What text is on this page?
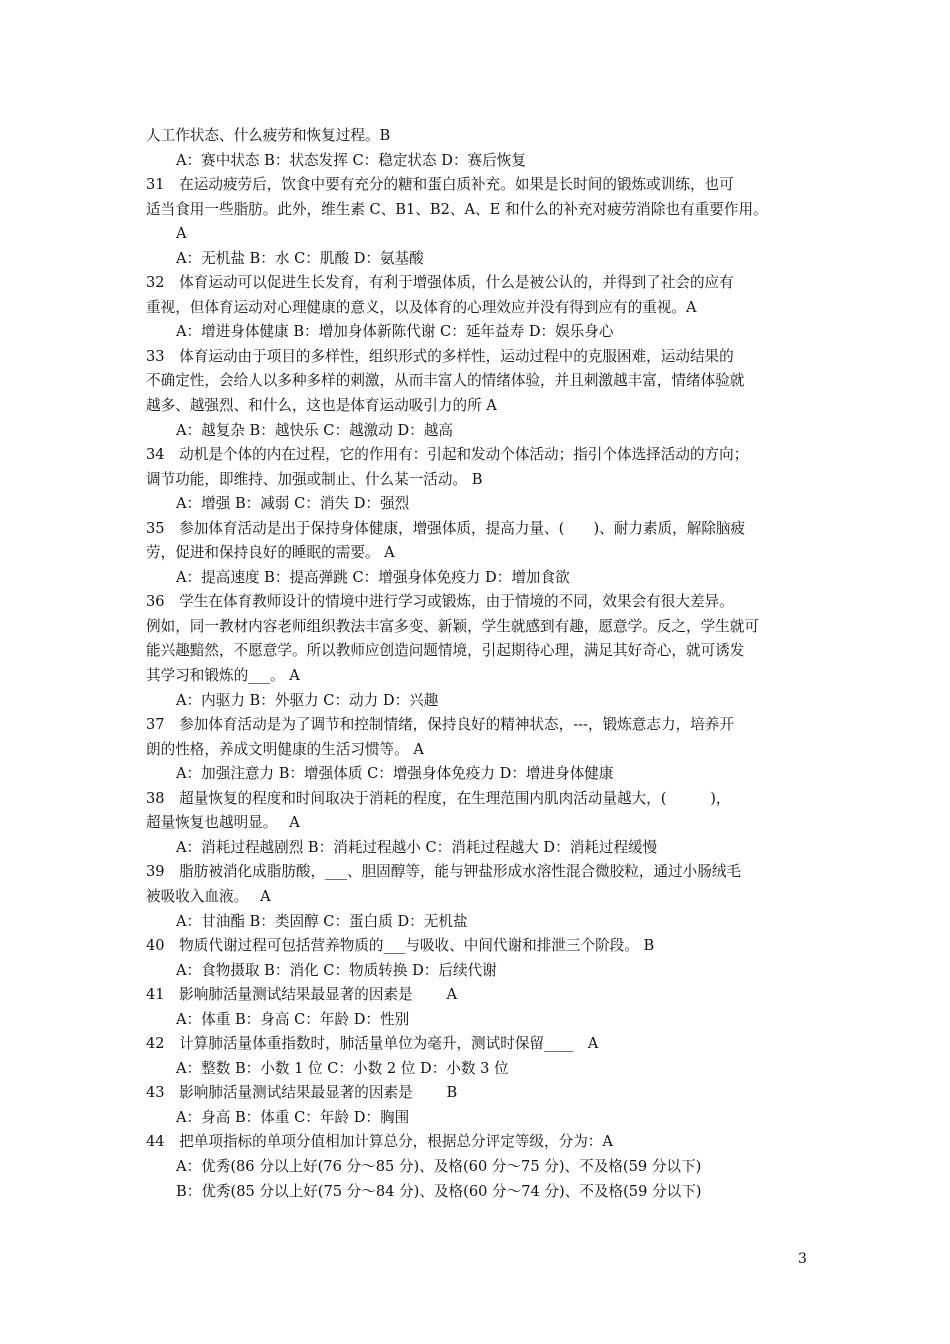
人工作状态、什么疲劳和恢复过程。B
A：赛中状态 B：状态发挥 C：稳定状态 D：赛后恢复
31　在运动疲劳后，饮食中要有充分的糖和蛋白质补充。如果是长时间的锻炼或训练，也可
适当食用一些脂肪。此外，维生素 C、B1、B2、A、E 和什么的补充对疲劳消除也有重要作用。
A
A：无机盐 B：水 C：肌酸 D：氨基酸
32　体育运动可以促进生长发育，有利于增强体质，什么是被公认的，并得到了社会的应有
重视，但体育运动对心理健康的意义，以及体育的心理效应并没有得到应有的重视。A
A：增进身体健康 B：增加身体新陈代谢 C：延年益寿 D：娱乐身心
33　体育运动由于项目的多样性，组织形式的多样性，运动过程中的克服困难，运动结果的
不确定性，会给人以多种多样的刺激，从而丰富人的情绪体验，并且刺激越丰富，情绪体验就
越多、越强烈、和什么，这也是体育运动吸引力的所 A
A：越复杂 B：越快乐 C：越激动 D：越高
34　动机是个体的内在过程，它的作用有：引起和发动个体活动；指引个体选择活动的方向；
调节功能，即维持、加强或制止、什么某一活动。 B
A：增强 B：减弱 C：消失 D：强烈
35　参加体育活动是出于保持身体健康，增强体质，提高力量、(　　)、耐力素质，解除脑疲
劳，促进和保持良好的睡眠的需要。 A
A：提高速度 B：提高弹跳 C：增强身体免疫力 D：增加食欲
36　学生在体育教师设计的情境中进行学习或锻炼，由于情境的不同，效果会有很大差异。
例如，同一教材内容老师组织教法丰富多变、新颖，学生就感到有趣，愿意学。反之，学生就可
能兴趣黯然，不愿意学。所以教师应创造问题情境，引起期待心理，满足其好奇心，就可诱发
其学习和锻炼的___。 A
A：内驱力 B：外驱力 C：动力 D：兴趣
37　参加体育活动是为了调节和控制情绪，保持良好的精神状态，---，锻炼意志力，培养开
朗的性格，养成文明健康的生活习惯等。 A
A：加强注意力 B：增强体质 C：增强身体免疫力 D：增进身体健康
38　超量恢复的程度和时间取决于消耗的程度，在生理范围内肌肉活动量越大，(　　　)，
超量恢复也越明显。　 A
A：消耗过程越剧烈 B：消耗过程越小 C：消耗过程越大 D：消耗过程缓慢
39　脂肪被消化成脂肪酸，___、胆固醇等，能与钾盐形成水溶性混合微胶粒，通过小肠绒毛
被吸收入血液。　 A
A：甘油酯 B：类固醇 C：蛋白质 D：无机盐
40　物质代谢过程可包括营养物质的___与吸收、中间代谢和排泄三个阶段。 B
A：食物摄取 B：消化 C：物质转换 D：后续代谢
41　影响肺活量测试结果最显著的因素是　　 A
A：体重 B：身高 C：年龄 D：性别
42　计算肺活量体重指数时，肺活量单位为毫升，测试时保留____　A
A：整数 B：小数 1 位 C：小数 2 位 D：小数 3 位
43　影响肺活量测试结果最显著的因素是　　 B
A：身高 B：体重 C：年龄 D：胸围
44　把单项指标的单项分值相加计算总分，根据总分评定等级，分为：A
A：优秀(86 分以上好(76 分～85 分)、及格(60 分～75 分)、不及格(59 分以下)
B：优秀(85 分以上好(75 分～84 分)、及格(60 分～74 分)、不及格(59 分以下)
3
